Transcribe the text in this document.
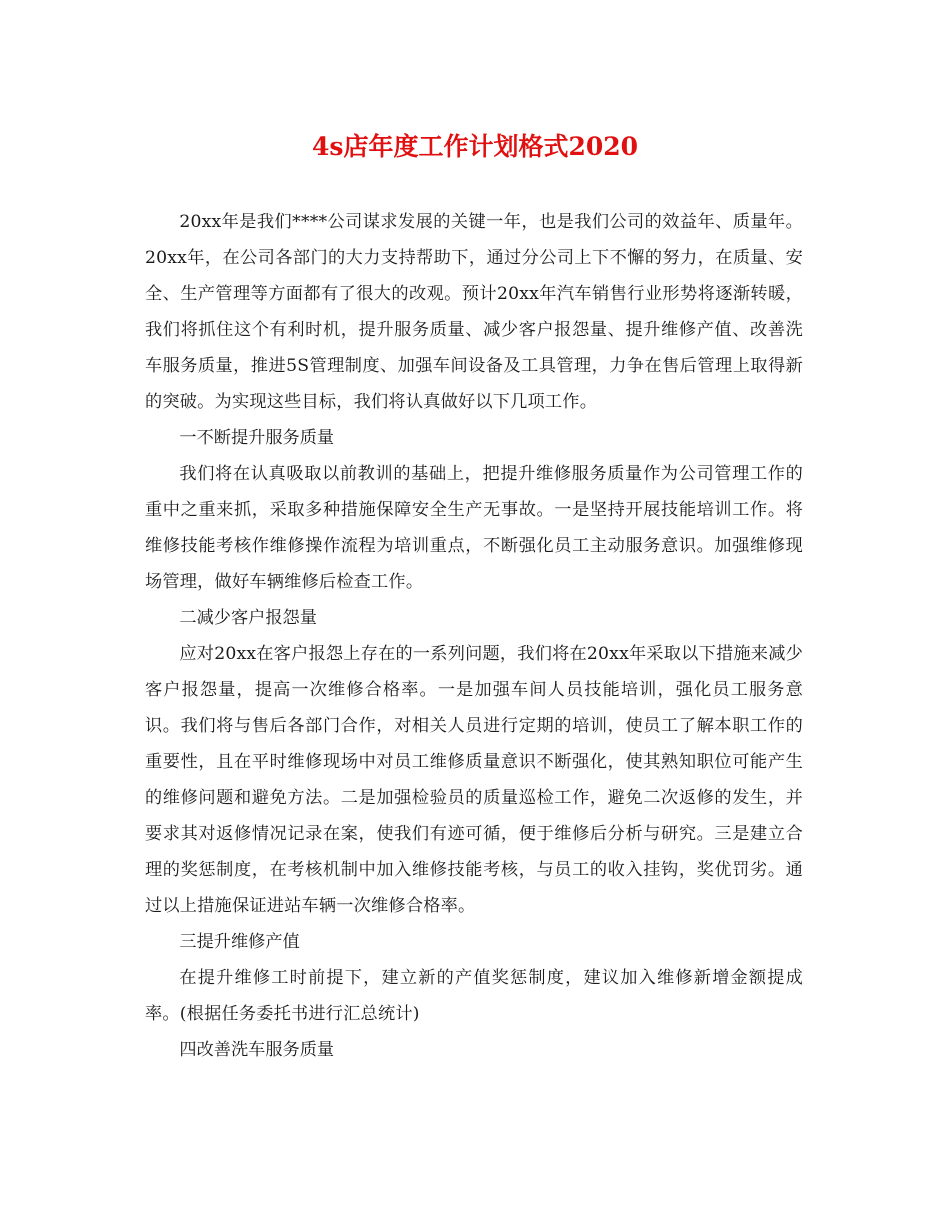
4s店年度工作计划格式2020

20xx年是我们****公司谋求发展的关键一年，也是我们公司的效益年、质量年。20xx年，在公司各部门的大力支持帮助下，通过分公司上下不懈的努力，在质量、安全、生产管理等方面都有了很大的改观。预计20xx年汽车销售行业形势将逐渐转暖，我们将抓住这个有利时机，提升服务质量、减少客户报怨量、提升维修产值、改善洗车服务质量，推进5S管理制度、加强车间设备及工具管理，力争在售后管理上取得新的突破。为实现这些目标，我们将认真做好以下几项工作。

一不断提升服务质量

我们将在认真吸取以前教训的基础上，把提升维修服务质量作为公司管理工作的重中之重来抓，采取多种措施保障安全生产无事故。一是坚持开展技能培训工作。将维修技能考核作维修操作流程为培训重点，不断强化员工主动服务意识。加强维修现场管理，做好车辆维修后检查工作。

二减少客户报怨量

应对20xx在客户报怨上存在的一系列问题，我们将在20xx年采取以下措施来减少客户报怨量，提高一次维修合格率。一是加强车间人员技能培训，强化员工服务意识。我们将与售后各部门合作，对相关人员进行定期的培训，使员工了解本职工作的重要性，且在平时维修现场中对员工维修质量意识不断强化，使其熟知职位可能产生的维修问题和避免方法。二是加强检验员的质量巡检工作，避免二次返修的发生，并要求其对返修情况记录在案，使我们有迹可循，便于维修后分析与研究。三是建立合理的奖惩制度，在考核机制中加入维修技能考核，与员工的收入挂钩，奖优罚劣。通过以上措施保证进站车辆一次维修合格率。

三提升维修产值

在提升维修工时前提下，建立新的产值奖惩制度，建议加入维修新增金额提成率。(根据任务委托书进行汇总统计)

四改善洗车服务质量
